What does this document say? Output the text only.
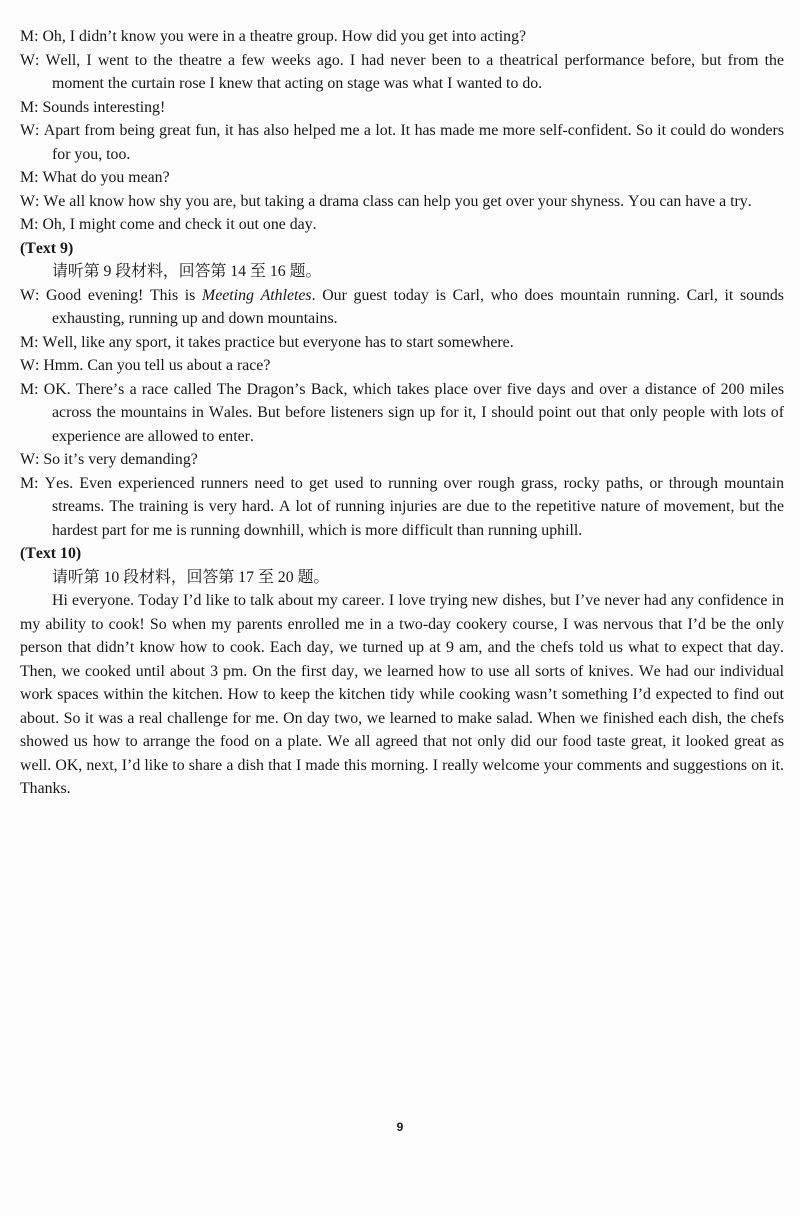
M: Oh, I didn’t know you were in a theatre group. How did you get into acting?
W: Well, I went to the theatre a few weeks ago. I had never been to a theatrical performance before, but from the moment the curtain rose I knew that acting on stage was what I wanted to do.
M: Sounds interesting!
W: Apart from being great fun, it has also helped me a lot. It has made me more self-confident. So it could do wonders for you, too.
M: What do you mean?
W: We all know how shy you are, but taking a drama class can help you get over your shyness. You can have a try.
M: Oh, I might come and check it out one day.
(Text 9)
请听第 9 段材料，回答第 14 至 16 题。
W: Good evening! This is Meeting Athletes. Our guest today is Carl, who does mountain running. Carl, it sounds exhausting, running up and down mountains.
M: Well, like any sport, it takes practice but everyone has to start somewhere.
W: Hmm. Can you tell us about a race?
M: OK. There’s a race called The Dragon’s Back, which takes place over five days and over a distance of 200 miles across the mountains in Wales. But before listeners sign up for it, I should point out that only people with lots of experience are allowed to enter.
W: So it’s very demanding?
M: Yes. Even experienced runners need to get used to running over rough grass, rocky paths, or through mountain streams. The training is very hard. A lot of running injuries are due to the repetitive nature of movement, but the hardest part for me is running downhill, which is more difficult than running uphill.
(Text 10)
请听第 10 段材料，回答第 17 至 20 题。
Hi everyone. Today I’d like to talk about my career. I love trying new dishes, but I’ve never had any confidence in my ability to cook! So when my parents enrolled me in a two-day cookery course, I was nervous that I’d be the only person that didn’t know how to cook. Each day, we turned up at 9 am, and the chefs told us what to expect that day. Then, we cooked until about 3 pm. On the first day, we learned how to use all sorts of knives. We had our individual work spaces within the kitchen. How to keep the kitchen tidy while cooking wasn’t something I’d expected to find out about. So it was a real challenge for me. On day two, we learned to make salad. When we finished each dish, the chefs showed us how to arrange the food on a plate. We all agreed that not only did our food taste great, it looked great as well. OK, next, I’d like to share a dish that I made this morning. I really welcome your comments and suggestions on it. Thanks.
9
